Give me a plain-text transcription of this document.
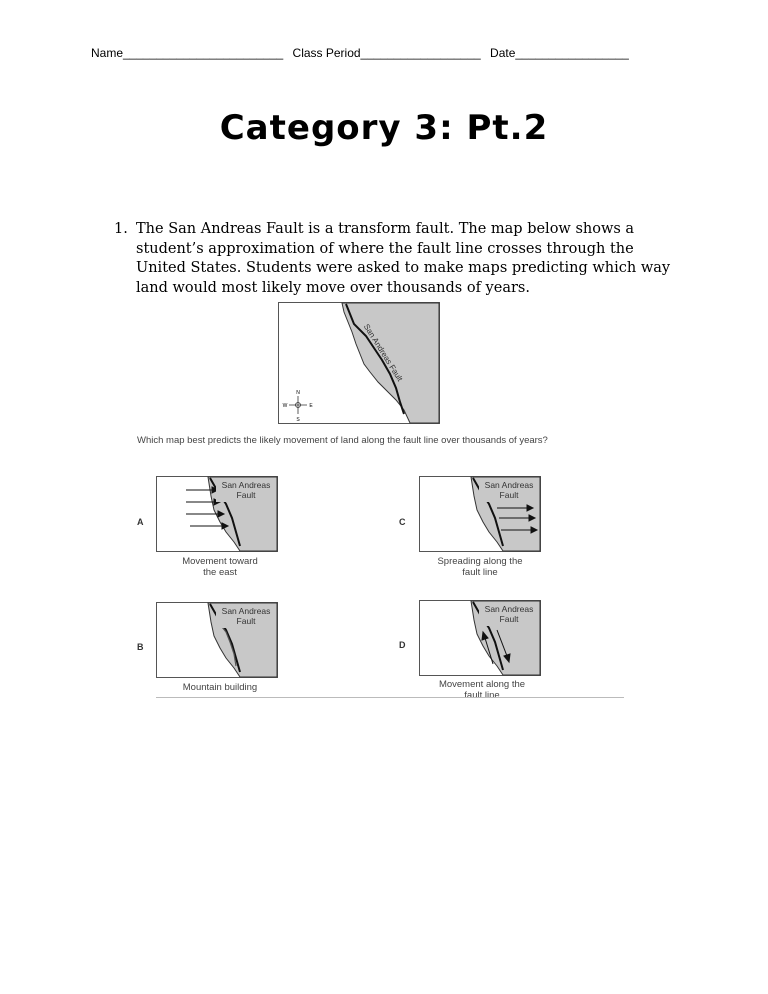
Name________________________ Class Period__________________ Date_________________
Category 3: Pt.2
1. The San Andreas Fault is a transform fault. The map below shows a student’s approximation of where the fault line crosses through the United States. Students were asked to make maps predicting which way land would most likely move over thousands of years.
N
S
E
W
San Andreas Fault
Which map best predicts the likely movement of land along the fault line over thousands of years?
A
San Andreas
Fault
Movement toward
the east
C
San Andreas
Fault
Spreading along the
fault line
B
San Andreas
Fault
Mountain building
D
San Andreas
Fault
Movement along the
fault line
